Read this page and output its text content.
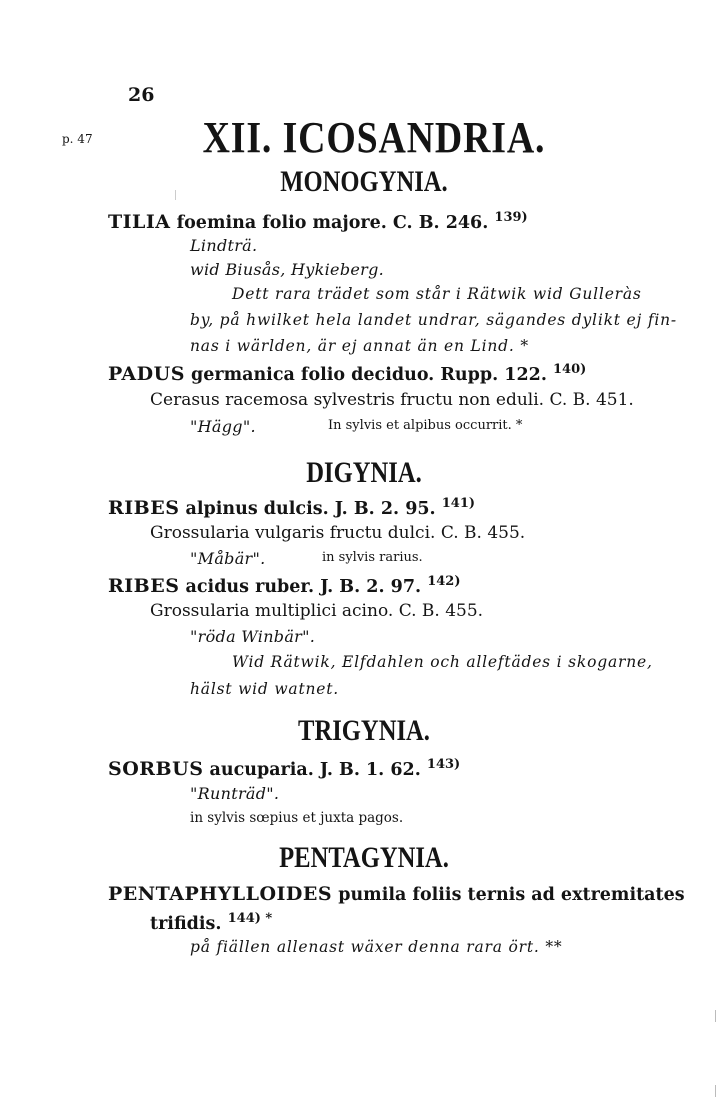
26
p. 47	XII. ICOSANDRIA.
MONOGYNIA.
TILIA foemina folio majore. C. B. 246. $^{139)}$
Lindträ.
wid Biusås, Hykieberg.
Dett rara trädet som står i Rätwik wid Gulleràs
by, på hwilket hela landet undrar, sägandes dylikt ej fin-
nas i wärlden, är ej annat än en Lind. *
PADUS germanica folio deciduo. Rupp. 122. $^{140)}$
Cerasus racemosa sylvestris fructu non eduli. C. B. 451.
"Hägg".	In sylvis et alpibus occurrit. *
DIGYNIA.
RIBES alpinus dulcis. J. B. 2. 95. $^{141)}$
Grossularia vulgaris fructu dulci. C. B. 455.
"Måbär".	in sylvis rarius.
RIBES acidus ruber. J. B. 2. 97. $^{142)}$
Grossularia multiplici acino. C. B. 455.
"röda Winbär".
Wid Rätwik, Elfdahlen och alleftädes i skogarne,
hälst wid watnet.
TRIGYNIA.
SORBUS aucuparia. J. B. 1. 62. $^{143)}$
"Runträd".
in sylvis sœpius et juxta pagos.
PENTAGYNIA.
PENTAPHYLLOIDES pumila foliis ternis ad extremitates
trifidis. $^{144) *}$
på fiällen allenast wäxer denna rara ört. **
